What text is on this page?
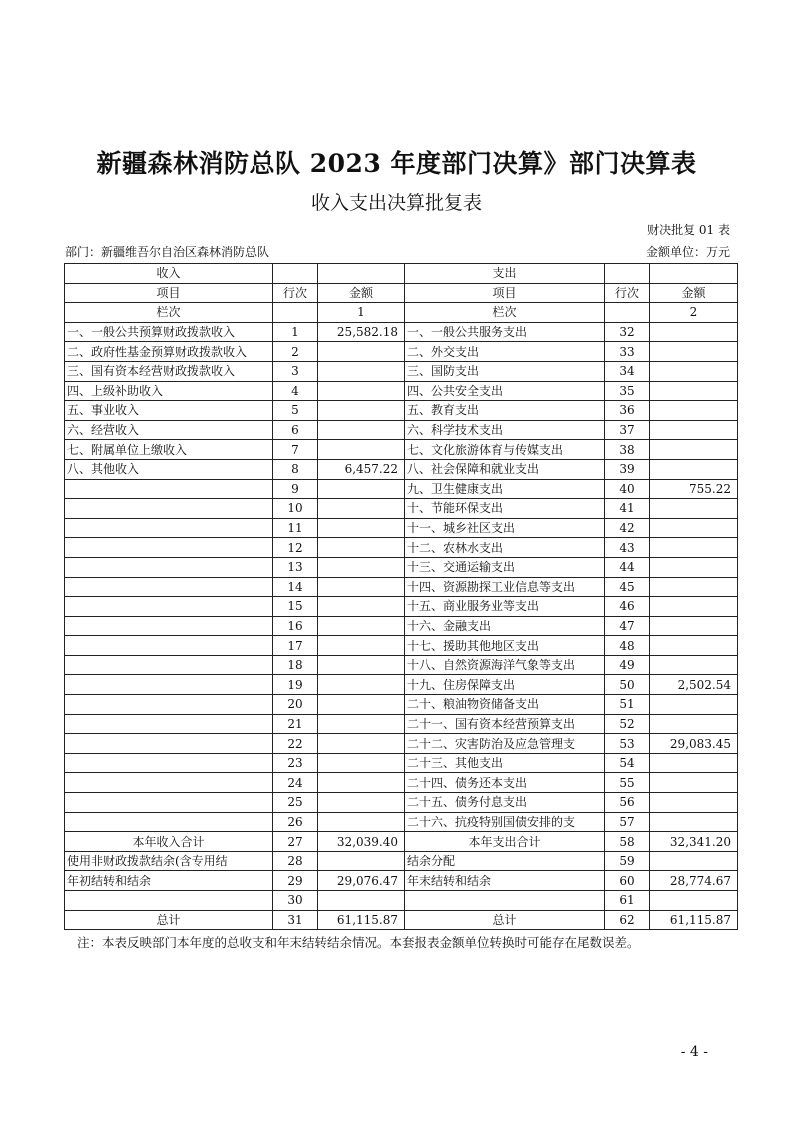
新疆森林消防总队 2023 年度部门决算》部门决算表
收入支出决算批复表
财决批复 01 表
部门：新疆维吾尔自治区森林消防总队	金额单位：万元
收入			支出		
项目	行次	金额	项目	行次	金额
栏次		1	栏次		2
一、一般公共预算财政拨款收入	1	25,582.18	一、一般公共服务支出	32	
二、政府性基金预算财政拨款收入	2		二、外交支出	33	
三、国有资本经营财政拨款收入	3		三、国防支出	34	
四、上级补助收入	4		四、公共安全支出	35	
五、事业收入	5		五、教育支出	36	
六、经营收入	6		六、科学技术支出	37	
七、附属单位上缴收入	7		七、文化旅游体育与传媒支出	38	
八、其他收入	8	6,457.22	八、社会保障和就业支出	39	
	9		九、卫生健康支出	40	755.22
	10		十、节能环保支出	41	
	11		十一、城乡社区支出	42	
	12		十二、农林水支出	43	
	13		十三、交通运输支出	44	
	14		十四、资源勘探工业信息等支出	45	
	15		十五、商业服务业等支出	46	
	16		十六、金融支出	47	
	17		十七、援助其他地区支出	48	
	18		十八、自然资源海洋气象等支出	49	
	19		十九、住房保障支出	50	2,502.54
	20		二十、粮油物资储备支出	51	
	21		二十一、国有资本经营预算支出	52	
	22		二十二、灾害防治及应急管理支	53	29,083.45
	23		二十三、其他支出	54	
	24		二十四、债务还本支出	55	
	25		二十五、债务付息支出	56	
	26		二十六、抗疫特别国债安排的支	57	
本年收入合计	27	32,039.40	本年支出合计	58	32,341.20
使用非财政拨款结余(含专用结	28		结余分配	59	
年初结转和结余	29	29,076.47	年末结转和结余	60	28,774.67
	30			61	
总计	31	61,115.87	总计	62	61,115.87
注：本表反映部门本年度的总收支和年末结转结余情况。本套报表金额单位转换时可能存在尾数误差。
- 4 -
